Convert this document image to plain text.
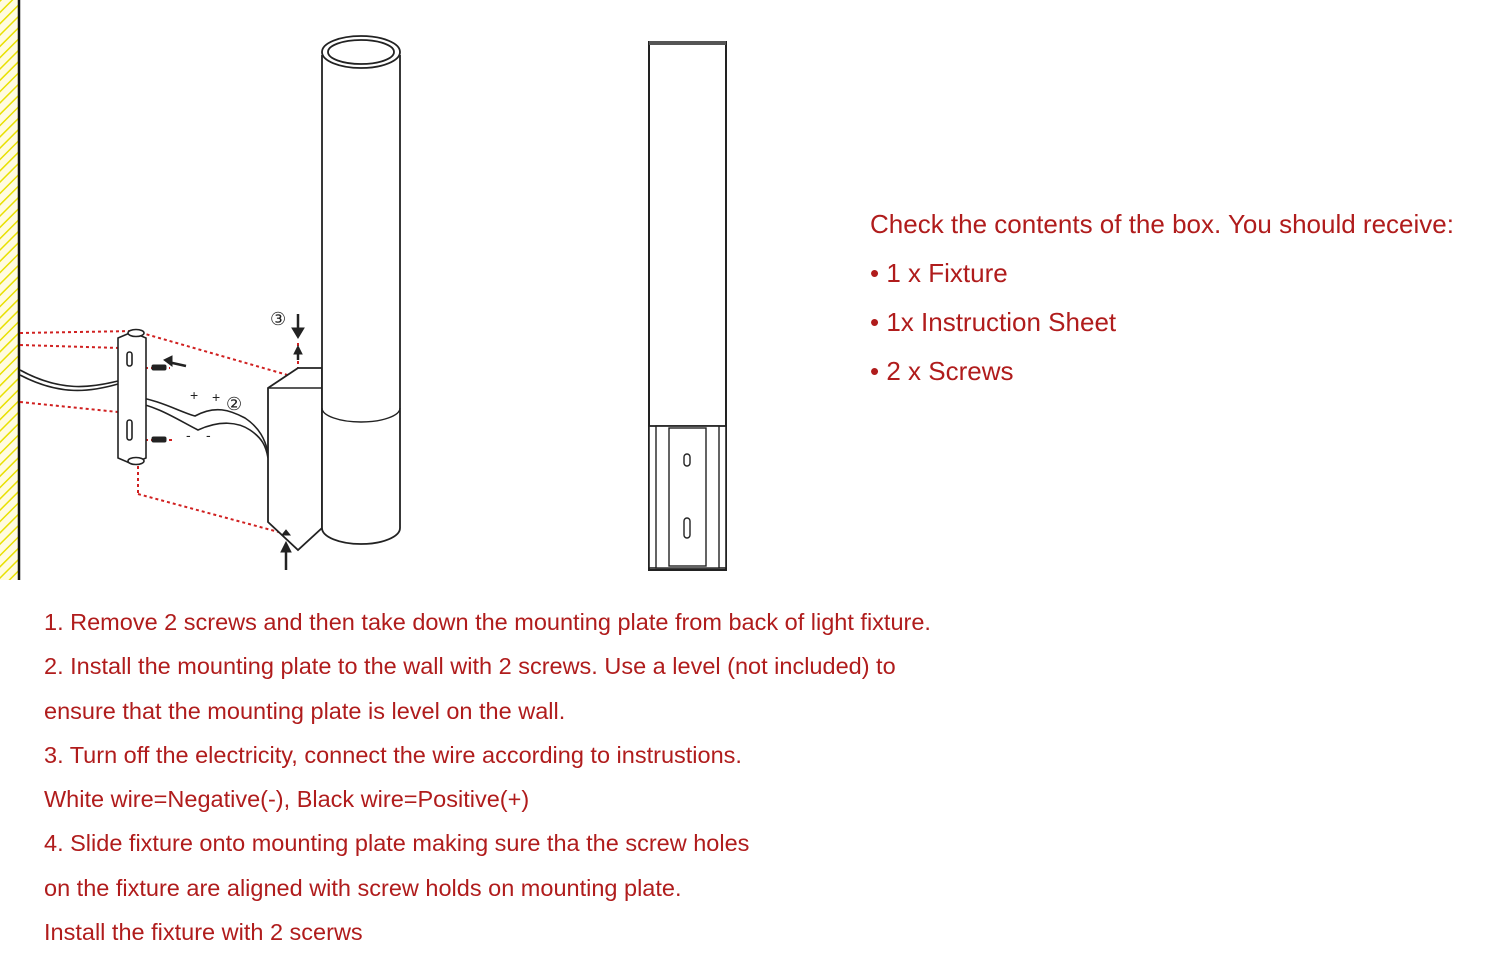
③
②
+ +
- -
Check the contents of the box. You should receive:
• 1 x Fixture
• 1x Instruction Sheet
• 2 x Screws
1. Remove 2 screws and then take down the mounting plate from back of light fixture.
2. Install the mounting plate to the wall with 2 screws. Use a level (not included) to
ensure that the mounting plate is level on the wall.
3. Turn off the electricity, connect the wire according to instrustions.
White wire=Negative(-), Black wire=Positive(+)
4. Slide fixture onto mounting plate making sure tha the screw holes
on the fixture are aligned with screw holds on mounting plate.
Install the fixture with 2 scerws
